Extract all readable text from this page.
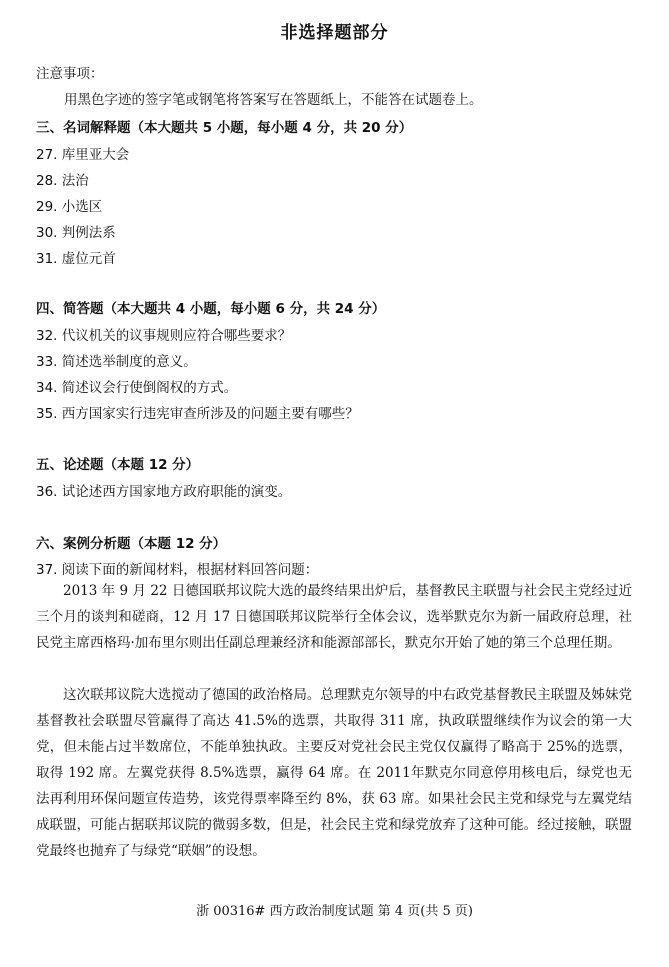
非选择题部分
注意事项：
用黑色字迹的签字笔或钢笔将答案写在答题纸上，不能答在试题卷上。
三、名词解释题（本大题共 5 小题，每小题 4 分，共 20 分）
27. 库里亚大会
28. 法治
29. 小选区
30. 判例法系
31. 虚位元首
四、简答题（本大题共 4 小题，每小题 6 分，共 24 分）
32. 代议机关的议事规则应符合哪些要求？
33. 简述选举制度的意义。
34. 简述议会行使倒阁权的方式。
35. 西方国家实行违宪审查所涉及的问题主要有哪些？
五、论述题（本题 12 分）
36. 试论述西方国家地方政府职能的演变。
六、案例分析题（本题 12 分）
37. 阅读下面的新闻材料，根据材料回答问题：
2013 年 9 月 22 日德国联邦议院大选的最终结果出炉后，基督教民主联盟与社会民主党经过近三个月的谈判和磋商，12 月 17 日德国联邦议院举行全体会议，选举默克尔为新一届政府总理，社民党主席西格玛·加布里尔则出任副总理兼经济和能源部部长，默克尔开始了她的第三个总理任期。
这次联邦议院大选搅动了德国的政治格局。总理默克尔领导的中右政党基督教民主联盟及姊妹党基督教社会联盟尽管赢得了高达 41.5%的选票，共取得 311 席，执政联盟继续作为议会的第一大党，但未能占过半数席位，不能单独执政。主要反对党社会民主党仅仅赢得了略高于 25%的选票，取得 192 席。左翼党获得 8.5%选票，赢得 64 席。在 2011年默克尔同意停用核电后，绿党也无法再利用环保问题宣传造势，该党得票率降至约 8%，获 63 席。如果社会民主党和绿党与左翼党结成联盟，可能占据联邦议院的微弱多数，但是，社会民主党和绿党放弃了这种可能。经过接触，联盟党最终也抛弃了与绿党“联姻”的设想。
浙 00316# 西方政治制度试题 第 4 页(共 5 页)
